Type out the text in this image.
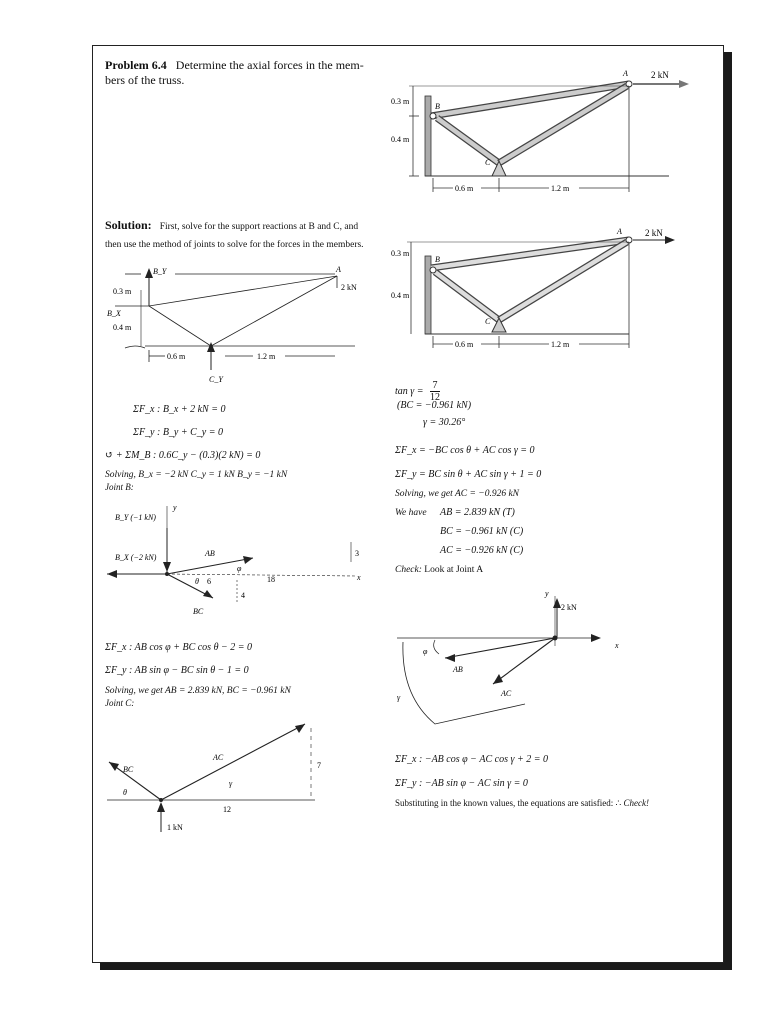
Problem 6.4 Determine the axial forces in the mem-
bers of the truss.	2 kN
A
B
C
0.3 m
0.4 m
0.6 m	1.2 m
Solution: First, solve for the support reactions at B and C, and
then use the method of joints to solve for the forces in the members.
B_Y	A
2 kN
B_X
0.3 m
0.4 m
C_Y
0.6 m	1.2 m
ΣF_x : B_x + 2 kN = 0
ΣF_y : B_y + C_y = 0
↺ + ΣM_B : 0.6C_y − (0.3)(2 kN) = 0
Solving, B_x = −2 kN C_y = 1 kN B_y = −1 kN
Joint B:
B_Y (−1 kN)
y
B_X (−2 kN)
x
AB
φ
BC
θ 6	18
3
4
ΣF_x : AB cos φ + BC cos θ − 2 = 0
ΣF_y : AB sin φ − BC sin θ − 1 = 0
Solving, we get AB = 2.839 kN, BC = −0.961 kN
Joint C:
AC
γ
BC
θ
12
7
1 kN
2 kN
A
B
C
0.3 m
0.4 m
0.6 m	1.2 m
$\tan \gamma = \frac{7}{12}$
(BC = −0.961 kN)
γ = 30.26°
ΣF_x = −BC cos θ + AC cos γ = 0
ΣF_y = BC sin θ + AC sin γ + 1 = 0
Solving, we get AC = −0.926 kN
We have AB = 2.839 kN (T)
BC = −0.961 kN (C)
AC = −0.926 kN (C)
Check: Look at Joint A
y
2 kN
x
AB
φ
AC
γ
ΣF_x : −AB cos φ − AC cos γ + 2 = 0
ΣF_y : −AB sin φ − AC sin γ = 0
Substituting in the known values, the equations are satisfied: ∴ Check!
